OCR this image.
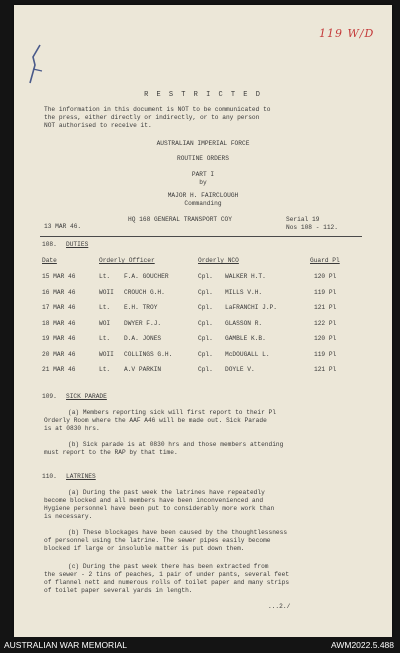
119 W/D
R E S T R I C T E D
The information in this document is NOT to be communicated to
the press, either directly or indirectly, or to any person
NOT authorised to receive it.
AUSTRALIAN IMPERIAL FORCE
ROUTINE ORDERS
PART I
by
MAJOR H. FAIRCLOUGH
Commanding
13 MAR 46.
HQ 168 GENERAL TRANSPORT COY	Serial 19
Nos 108 - 112.
108. DUTIES
Date	Orderly Officer	Orderly NCO	Guard Pl
15 MAR 46	Lt. F.A. GOUCHER	Cpl. WALKER H.T.	120 Pl
16 MAR 46	WOII CROUCH G.H.	Cpl. MILLS V.H.	119 Pl
17 MAR 46	Lt. E.H. TROY	Cpl. LaFRANCHI J.P.	121 Pl
18 MAR 46	WOI DWYER F.J.	Cpl. GLASSON R.	122 Pl
19 MAR 46	Lt. D.A. JONES	Cpl. GAMBLE K.B.	120 Pl
20 MAR 46	WOII COLLINGS G.H.	Cpl. McDOUGALL L.	119 Pl
21 MAR 46	Lt. A.V PARKIN	Cpl. DOYLE V.	121 Pl
109. SICK PARADE
(a) Members reporting sick will first report to their Pl
Orderly Room where the AAF A46 will be made out. Sick Parade
is at 0830 hrs.
(b) Sick parade is at 0830 hrs and those members attending
must report to the RAP by that time.
110. LATRINES
(a) During the past week the latrines have repeatedly
become blocked and all members have been inconvenienced and
Hygiene personnel have been put to considerably more work than
is necessary.
(b) These blockages have been caused by the thoughtlessness
of personnel using the latrine. The sewer pipes easily become
blocked if large or insoluble matter is put down them.
(c) During the past week there has been extracted from
the sewer - 2 tins of peaches, 1 pair of under pants, several feet
of flannel nett and numerous rolls of toilet paper and many strips
of toilet paper several yards in length.
...2./
AUSTRALIAN WAR MEMORIAL	AWM2022.5.488
